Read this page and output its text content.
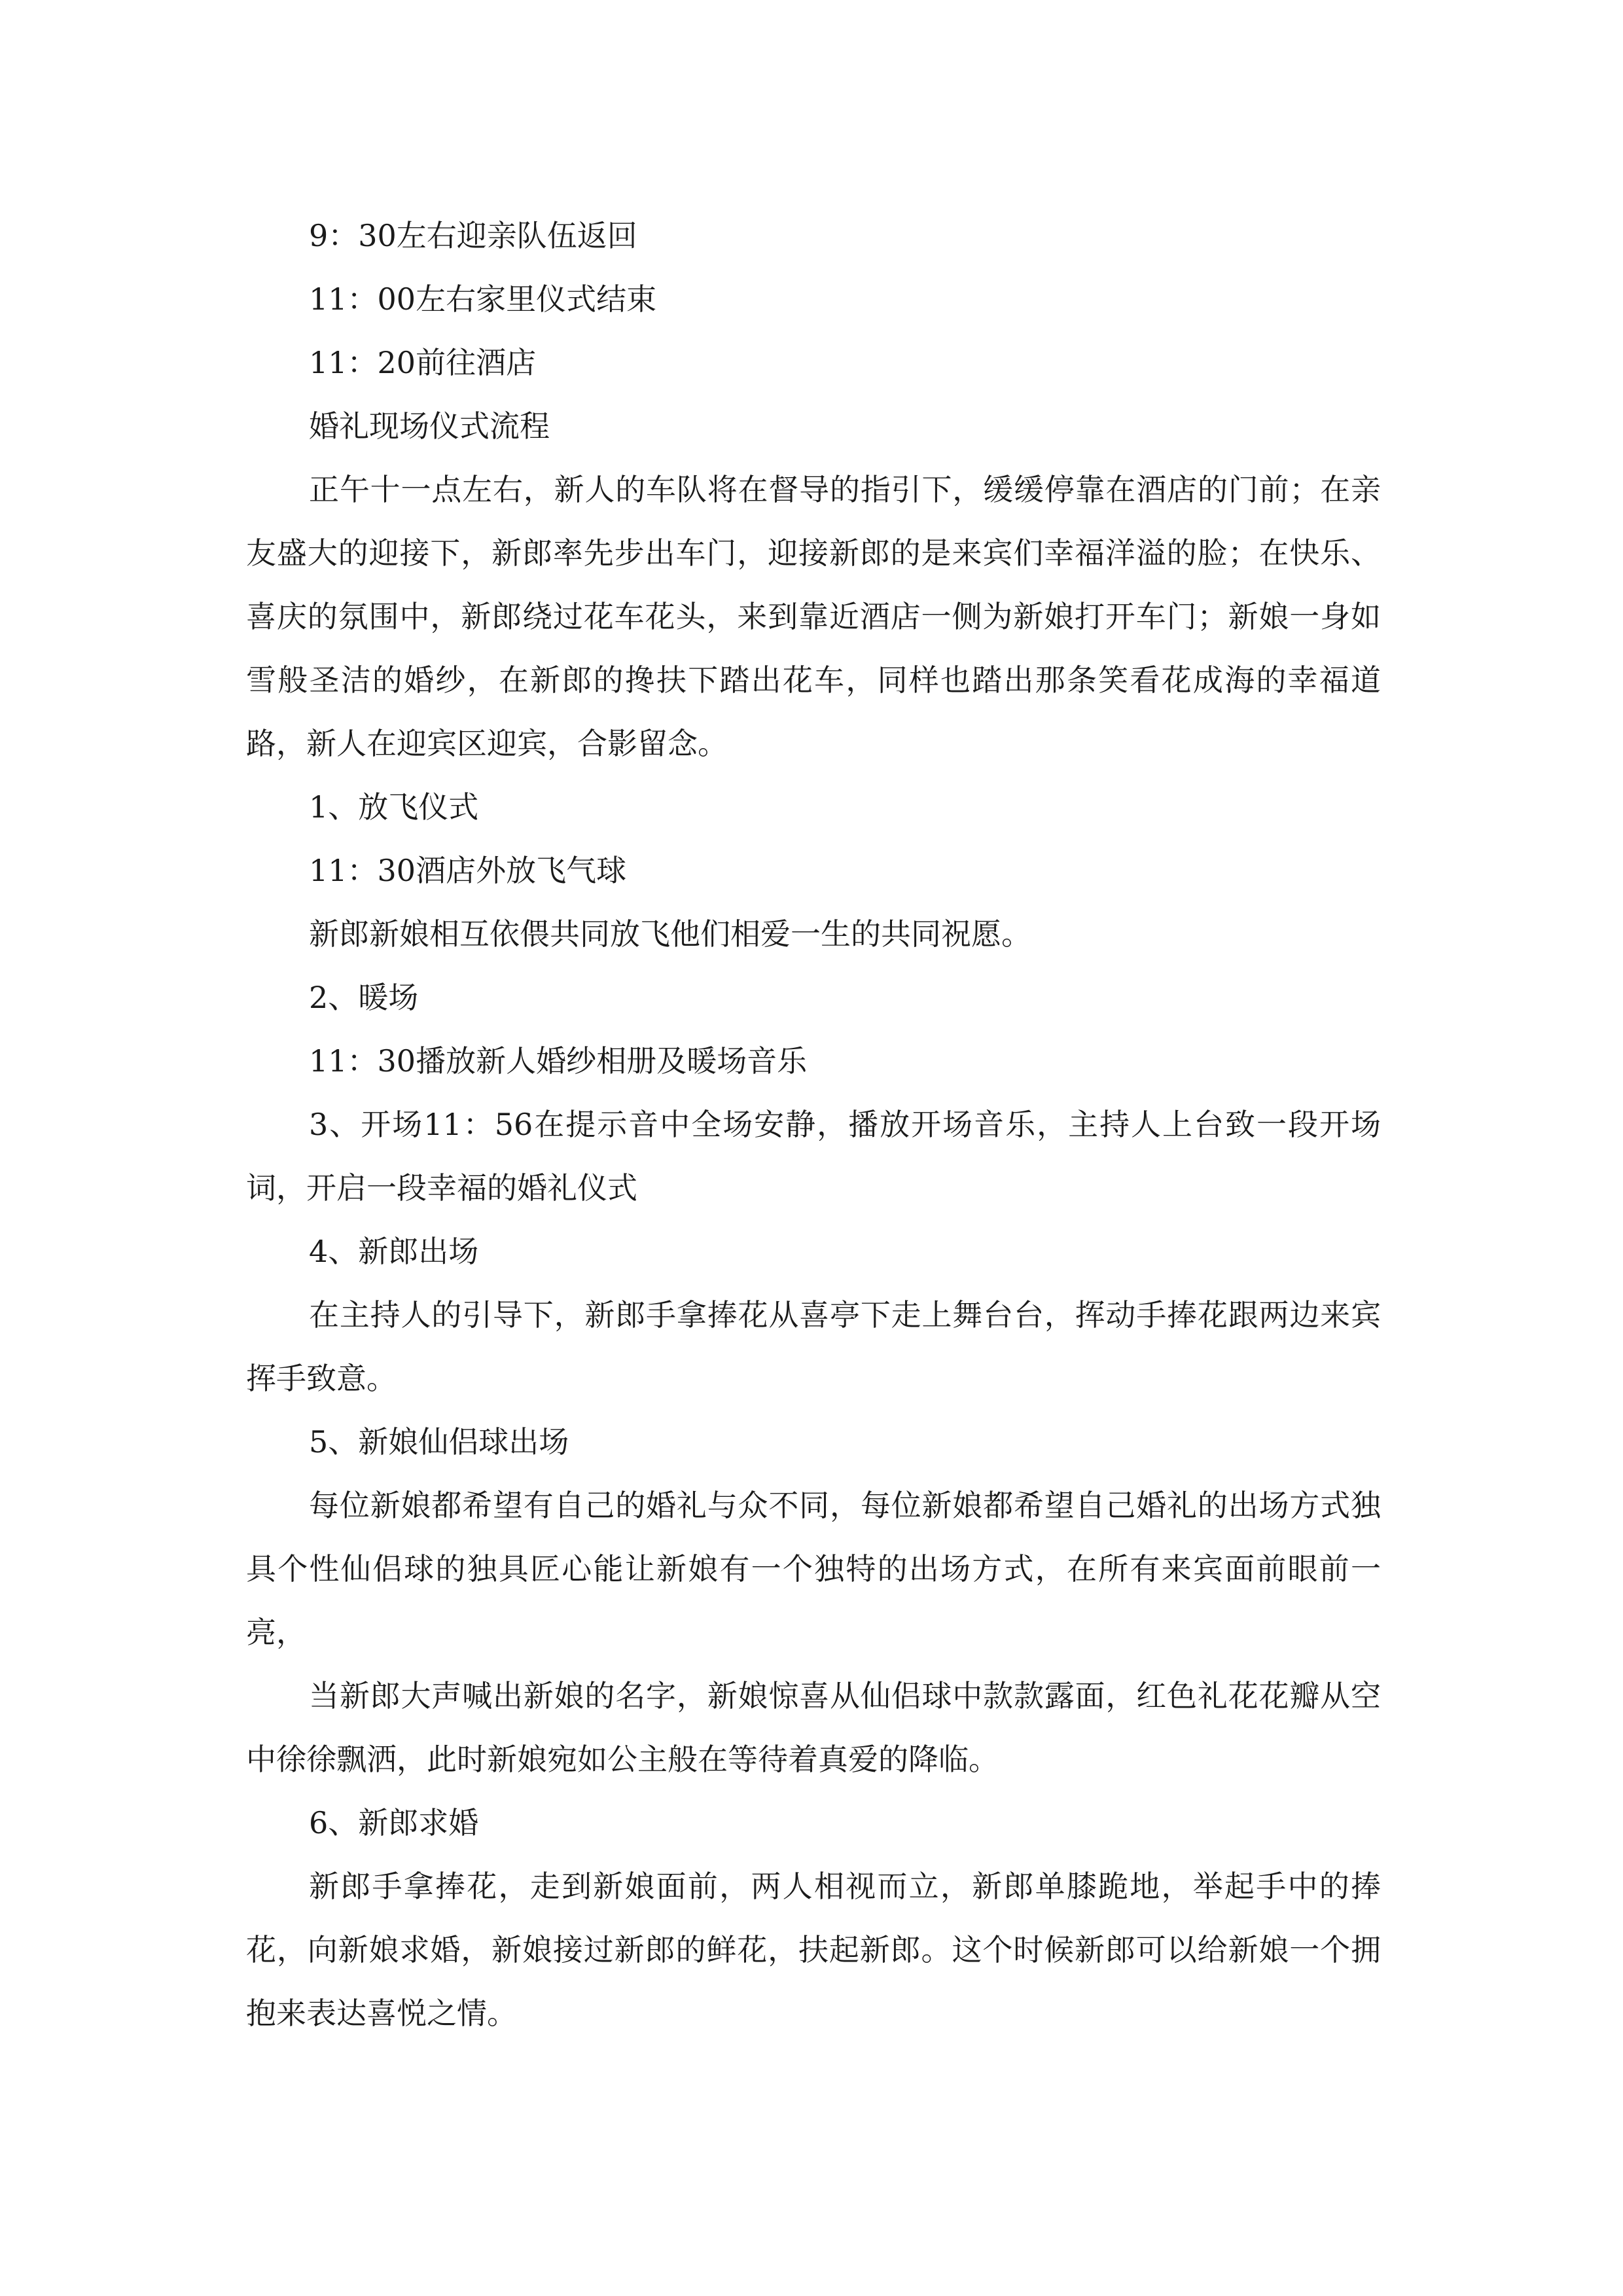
9：30左右迎亲队伍返回

11：00左右家里仪式结束

11：20前往酒店

婚礼现场仪式流程

正午十一点左右，新人的车队将在督导的指引下，缓缓停靠在酒店的门前；在亲友盛大的迎接下，新郎率先步出车门，迎接新郎的是来宾们幸福洋溢的脸；在快乐、喜庆的氛围中，新郎绕过花车花头，来到靠近酒店一侧为新娘打开车门；新娘一身如雪般圣洁的婚纱，在新郎的搀扶下踏出花车，同样也踏出那条笑看花成海的幸福道路，新人在迎宾区迎宾，合影留念。

1、放飞仪式

11：30酒店外放飞气球

新郎新娘相互依偎共同放飞他们相爱一生的共同祝愿。

2、暖场

11：30播放新人婚纱相册及暖场音乐

3、开场11：56在提示音中全场安静，播放开场音乐，主持人上台致一段开场词，开启一段幸福的婚礼仪式

4、新郎出场

在主持人的引导下，新郎手拿捧花从喜亭下走上舞台台，挥动手捧花跟两边来宾挥手致意。

5、新娘仙侣球出场

每位新娘都希望有自己的婚礼与众不同，每位新娘都希望自己婚礼的出场方式独具个性仙侣球的独具匠心能让新娘有一个独特的出场方式，在所有来宾面前眼前一亮，

当新郎大声喊出新娘的名字，新娘惊喜从仙侣球中款款露面，红色礼花花瓣从空中徐徐飘洒，此时新娘宛如公主般在等待着真爱的降临。

6、新郎求婚

新郎手拿捧花，走到新娘面前，两人相视而立，新郎单膝跪地，举起手中的捧花，向新娘求婚，新娘接过新郎的鲜花，扶起新郎。这个时候新郎可以给新娘一个拥抱来表达喜悦之情。
